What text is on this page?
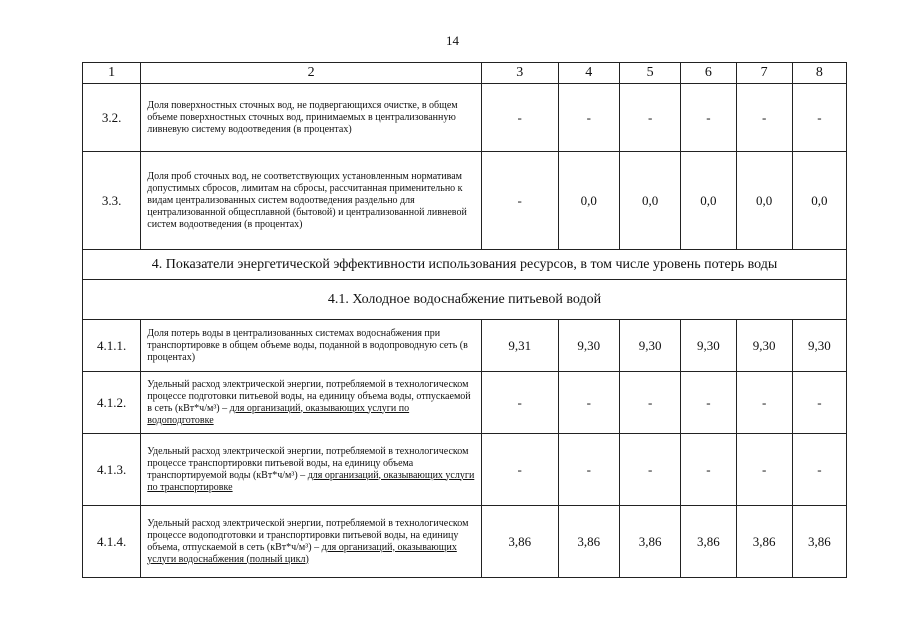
14
1	2	3	4	5	6	7	8
3.2.	Доля поверхностных сточных вод, не подвергающихся очистке, в общем объеме поверхностных сточных вод, принимаемых в централизованную ливневую систему водоотведения (в процентах)	-	-	-	-	-	-
3.3.	Доля проб сточных вод, не соответствующих установленным нормативам допустимых сбросов, лимитам на сбросы, рассчитанная применительно к видам централизованных систем водоотведения раздельно для централизованной общесплавной (бытовой) и централизованной ливневой систем водоотведения (в процентах)	-	0,0	0,0	0,0	0,0	0,0
4. Показатели энергетической эффективности использования ресурсов, в том числе уровень потерь воды							
4.1. Холодное водоснабжение питьевой водой							
4.1.1.	Доля потерь воды в централизованных системах водоснабжения при транспортировке в общем объеме воды, поданной в водопроводную сеть (в процентах)	9,31	9,30	9,30	9,30	9,30	9,30
4.1.2.	Удельный расход электрической энергии, потребляемой в технологическом процессе подготовки питьевой воды, на единицу объема воды, отпускаемой в сеть (кВт*ч/м³) – для организаций, оказывающих услуги по водоподготовке	-	-	-	-	-	-
4.1.3.	Удельный расход электрической энергии, потребляемой в технологическом процессе транспортировки питьевой воды, на единицу объема транспортируемой воды (кВт*ч/м³) – для организаций, оказывающих услуги по транспортировке	-	-	-	-	-	-
4.1.4.	Удельный расход электрической энергии, потребляемой в технологическом процессе водоподготовки и транспортировки питьевой воды, на единицу объема, отпускаемой в сеть (кВт*ч/м³) – для организаций, оказывающих услуги водоснабжения (полный цикл)	3,86	3,86	3,86	3,86	3,86	3,86
